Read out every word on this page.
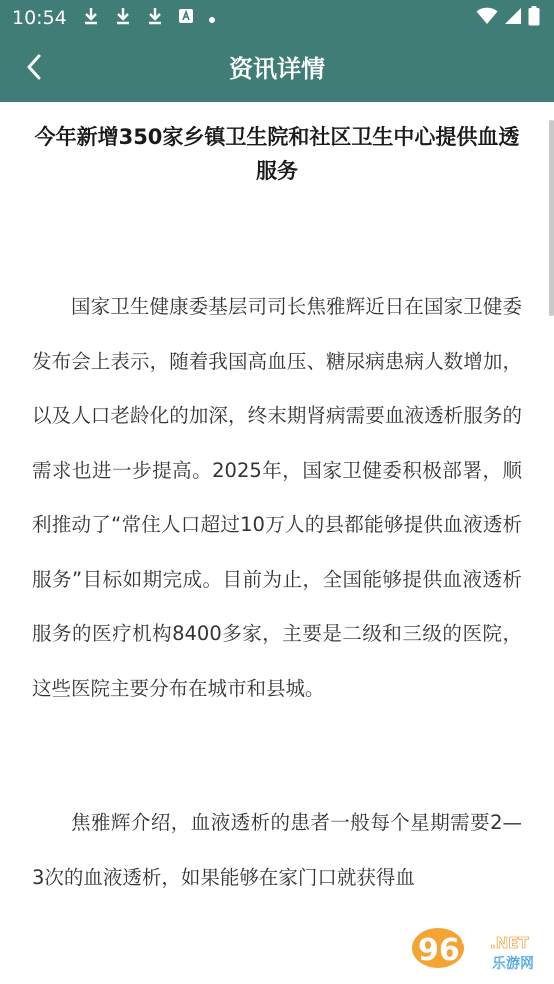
10:54
资讯详情
今年新增350家乡镇卫生院和社区卫生中心提供血透服务

国家卫生健康委基层司司长焦雅辉近日在国家卫健委发布会上表示，随着我国高血压、糖尿病患病人数增加，以及人口老龄化的加深，终末期肾病需要血液透析服务的需求也进一步提高。2025年，国家卫健委积极部署，顺利推动了“常住人口超过10万人的县都能够提供血液透析服务”目标如期完成。目前为止，全国能够提供血液透析服务的医疗机构8400多家，主要是二级和三级的医院，这些医院主要分布在城市和县城。

焦雅辉介绍，血液透析的患者一般每个星期需要2—3次的血液透析，如果能够在家门口就获得血

962 .NET
乐游网
